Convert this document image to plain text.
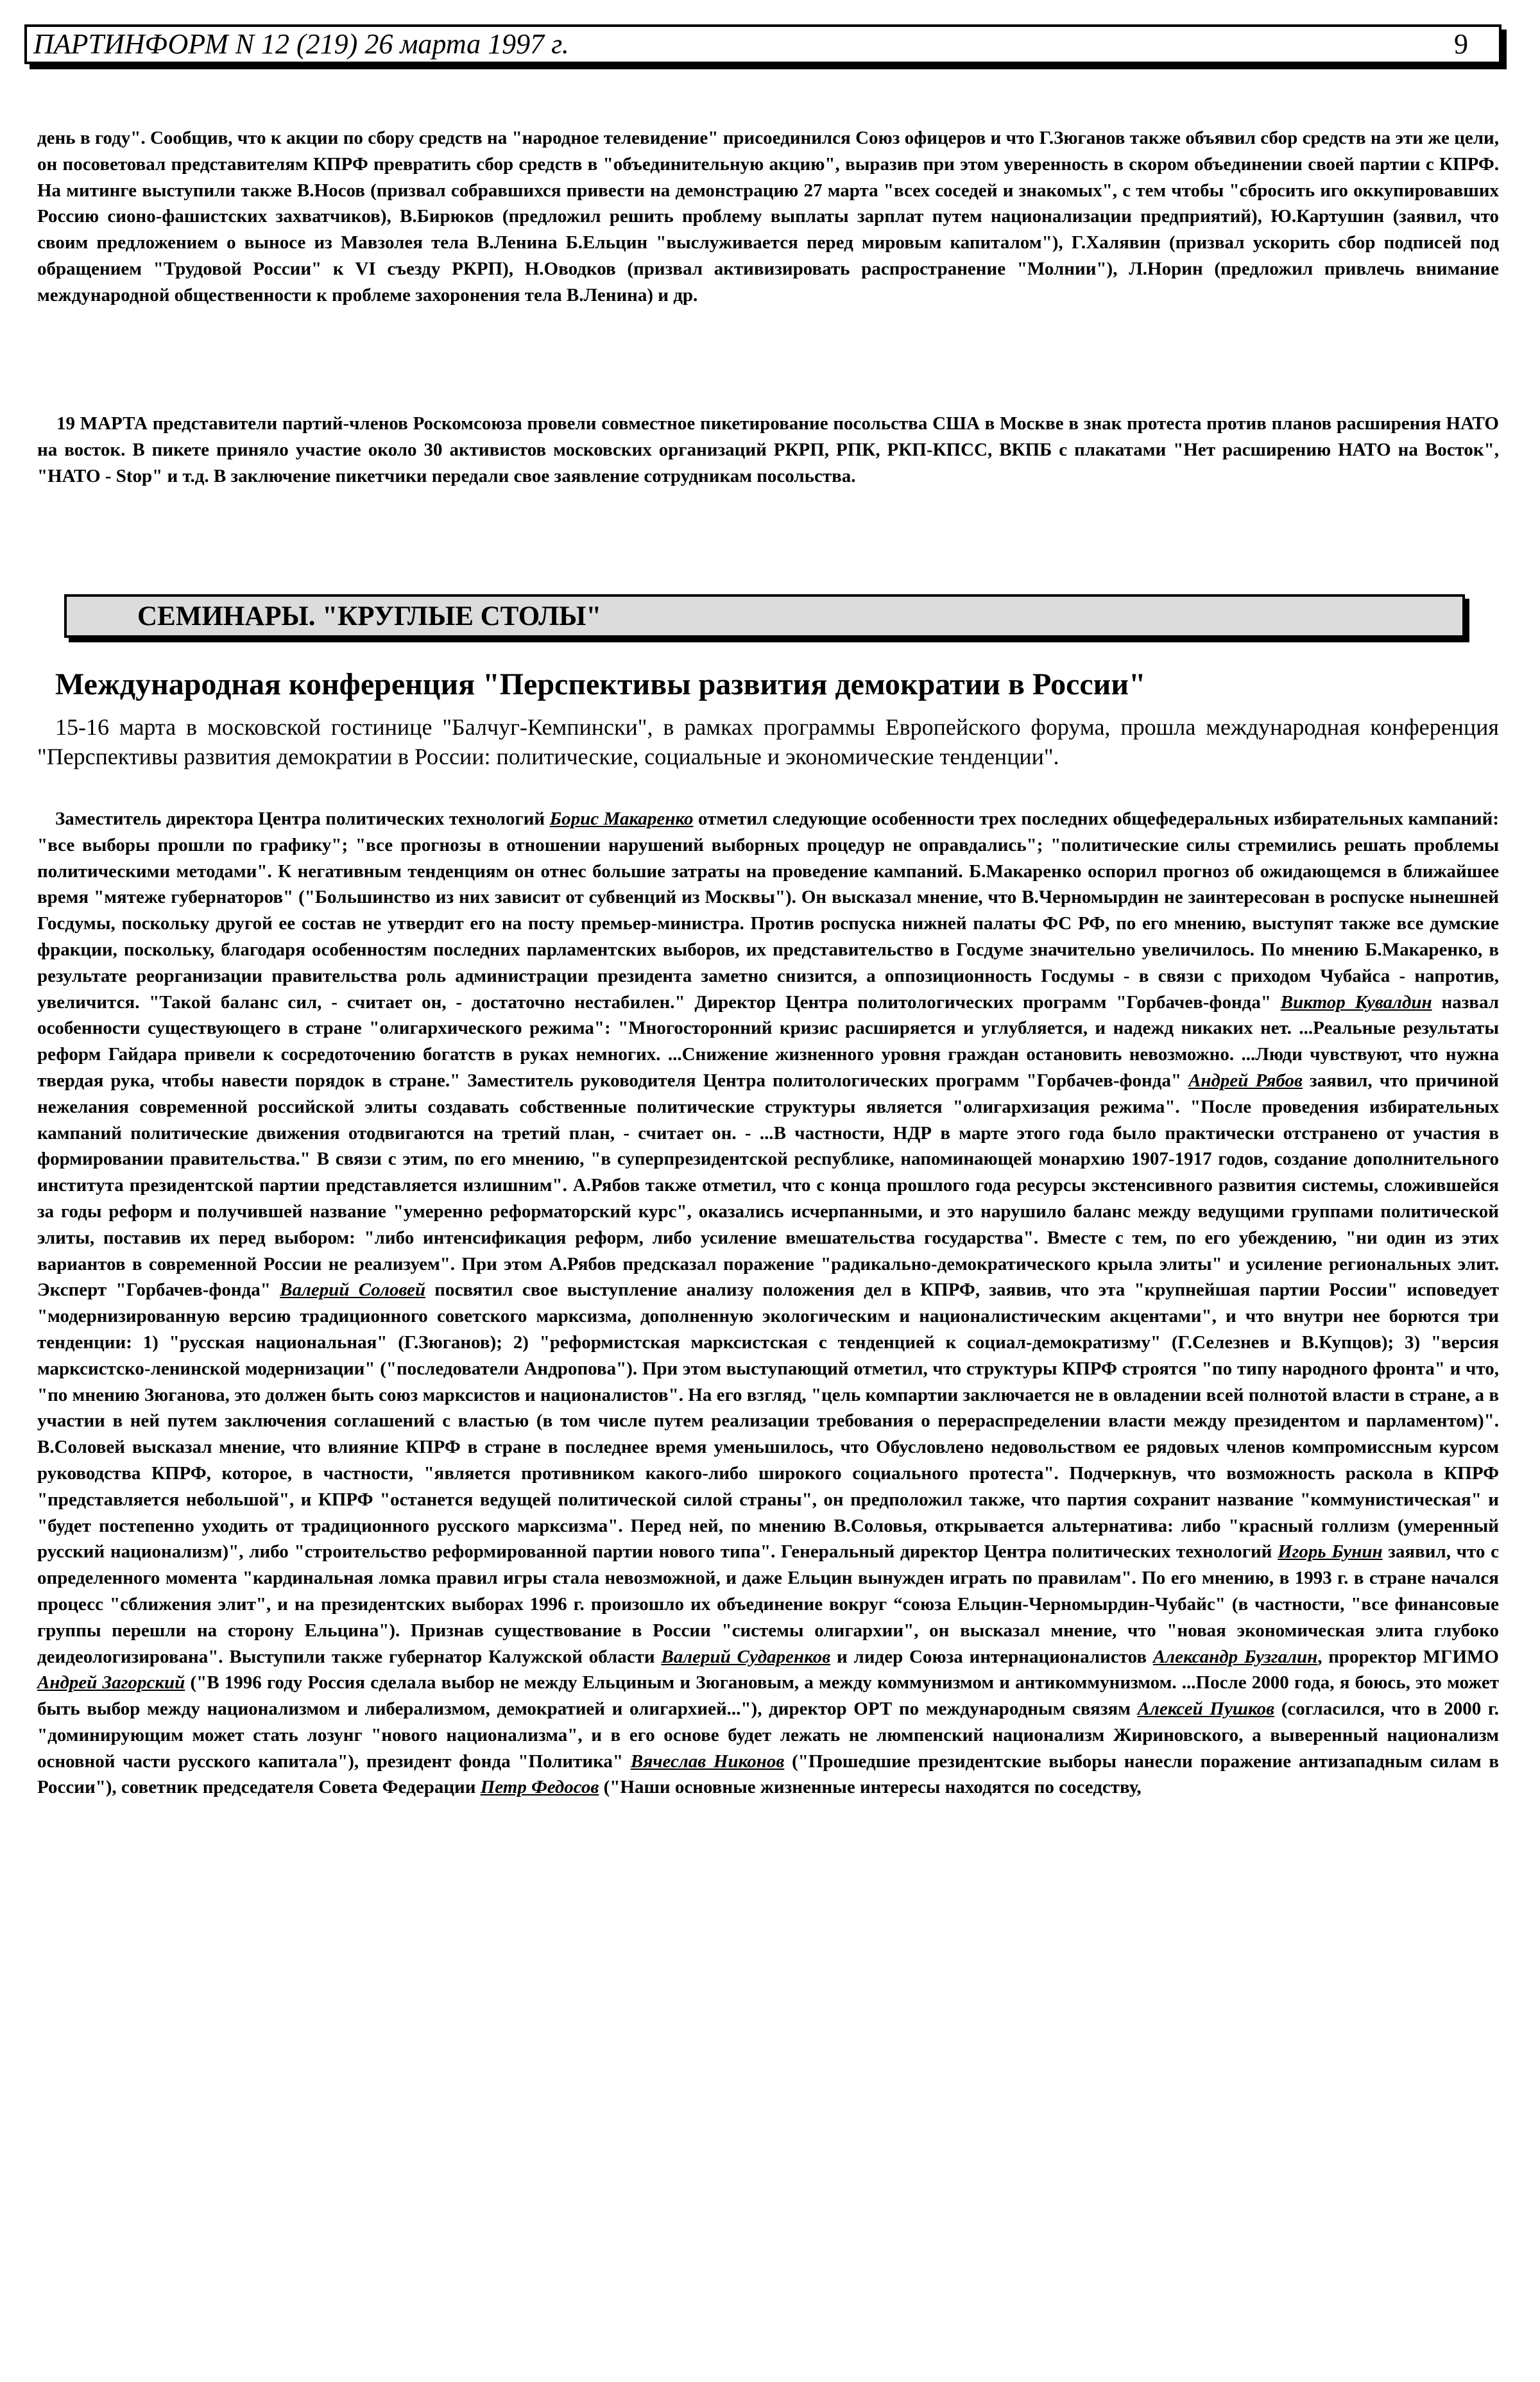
ПАРТИНФОРМ N 12 (219) 26 марта 1997 г.	9

день в году". Сообщив, что к акции по сбору средств на "народное телевидение" присоединился Союз офицеров и что Г.Зюганов также объявил сбор средств на эти же цели, он посоветовал представителям КПРФ превратить сбор средств в "объединительную акцию", выразив при этом уверенность в скором объединении своей партии с КПРФ. На митинге выступили также В.Носов (призвал собравшихся привести на демонстрацию 27 марта "всех соседей и знакомых", с тем чтобы "сбросить иго оккупировавших Россию сионо-фашистских захватчиков), В.Бирюков (предложил решить проблему выплаты зарплат путем национализации предприятий), Ю.Картушин (заявил, что своим предложением о выносе из Мавзолея тела В.Ленина Б.Ельцин "выслуживается перед мировым капиталом"), Г.Халявин (призвал ускорить сбор подписей под обращением "Трудовой России" к VI съезду РКРП), Н.Оводков (призвал активизировать распространение "Молнии"), Л.Норин (предложил привлечь внимание международной общественности к проблеме захоронения тела В.Ленина) и др.

19 МАРТА представители партий-членов Роскомсоюза провели совместное пикетирование посольства США в Москве в знак протеста против планов расширения НАТО на восток. В пикете приняло участие около 30 активистов московских организаций РКРП, РПК, РКП-КПСС, ВКПБ с плакатами "Нет расширению НАТО на Восток", "НАТО - Stop" и т.д. В заключение пикетчики передали свое заявление сотрудникам посольства.

СЕМИНАРЫ. "КРУГЛЫЕ СТОЛЫ"
Международная конференция "Перспективы развития демократии в России"

15-16 марта в московской гостинице "Балчуг-Кемпински", в рамках программы Европейского форума, прошла международная конференция "Перспективы развития демократии в России: политические, социальные и экономические тенденции".

Заместитель директора Центра политических технологий Борис Макаренко отметил следующие особенности трех последних общефедеральных избирательных кампаний: "все выборы прошли по графику"; "все прогнозы в отношении нарушений выборных процедур не оправдались"; "политические силы стремились решать проблемы политическими методами". К негативным тенденциям он отнес большие затраты на проведение кампаний. Б.Макаренко оспорил прогноз об ожидающемся в ближайшее время "мятеже губернаторов" ("Большинство из них зависит от субвенций из Москвы"). Он высказал мнение, что В.Черномырдин не заинтересован в роспуске нынешней Госдумы, поскольку другой ее состав не утвердит его на посту премьер-министра. Против роспуска нижней палаты ФС РФ, по его мнению, выступят также все думские фракции, поскольку, благодаря особенностям последних парламентских выборов, их представительство в Госдуме значительно увеличилось. По мнению Б.Макаренко, в результате реорганизации правительства роль администрации президента заметно снизится, а оппозиционность Госдумы - в связи с приходом Чубайса - напротив, увеличится. "Такой баланс сил, - считает он, - достаточно нестабилен." Директор Центра политологических программ "Горбачев-фонда" Виктор Кувалдин назвал особенности существующего в стране "олигархического режима": "Многосторонний кризис расширяется и углубляется, и надежд никаких нет. ...Реальные результаты реформ Гайдара привели к сосредоточению богатств в руках немногих. ...Снижение жизненного уровня граждан остановить невозможно. ...Люди чувствуют, что нужна твердая рука, чтобы навести порядок в стране." Заместитель руководителя Центра политологических программ "Горбачев-фонда" Андрей Рябов заявил, что причиной нежелания современной российской элиты создавать собственные политические структуры является "олигархизация режима". "После проведения избирательных кампаний политические движения отодвигаются на третий план, - считает он. - ...В частности, НДР в марте этого года было практически отстранено от участия в формировании правительства." В связи с этим, по его мнению, "в суперпрезидентской республике, напоминающей монархию 1907-1917 годов, создание дополнительного института президентской партии представляется излишним". А.Рябов также отметил, что с конца прошлого года ресурсы экстенсивного развития системы, сложившейся за годы реформ и получившей название "умеренно реформаторский курс", оказались исчерпанными, и это нарушило баланс между ведущими группами политической элиты, поставив их перед выбором: "либо интенсификация реформ, либо усиление вмешательства государства". Вместе с тем, по его убеждению, "ни один из этих вариантов в современной России не реализуем". При этом А.Рябов предсказал поражение "радикально-демократического крыла элиты" и усиление региональных элит. Эксперт "Горбачев-фонда" Валерий Соловей посвятил свое выступление анализу положения дел в КПРФ, заявив, что эта "крупнейшая партии России" исповедует "модернизированную версию традиционного советского марксизма, дополненную экологическим и националистическим акцентами", и что внутри нее борются три тенденции: 1) "русская национальная" (Г.Зюганов); 2) "реформистская марксистская с тенденцией к социал-демократизму" (Г.Селезнев и В.Купцов); 3) "версия марксистско-ленинской модернизации" ("последователи Андропова"). При этом выступающий отметил, что структуры КПРФ строятся "по типу народного фронта" и что, "по мнению Зюганова, это должен быть союз марксистов и националистов". На его взгляд, "цель компартии заключается не в овладении всей полнотой власти в стране, а в участии в ней путем заключения соглашений с властью (в том числе путем реализации требования о перераспределении власти между президентом и парламентом)". В.Соловей высказал мнение, что влияние КПРФ в стране в последнее время уменьшилось, что Обусловлено недовольством ее рядовых членов компромиссным курсом руководства КПРФ, которое, в частности, "является противником какого-либо широкого социального протеста". Подчеркнув, что возможность раскола в КПРФ "представляется небольшой", и КПРФ "останется ведущей политической силой страны", он предположил также, что партия сохранит название "коммунистическая" и "будет постепенно уходить от традиционного русского марксизма". Перед ней, по мнению В.Соловья, открывается альтернатива: либо "красный голлизм (умеренный русский национализм)", либо "строительство реформированной партии нового типа". Генеральный директор Центра политических технологий Игорь Бунин заявил, что с определенного момента "кардинальная ломка правил игры стала невозможной, и даже Ельцин вынужден играть по правилам". По его мнению, в 1993 г. в стране начался процесс "сближения элит", и на президентских выборах 1996 г. произошло их объединение вокруг “союза Ельцин-Черномырдин-Чубайс" (в частности, "все финансовые группы перешли на сторону Ельцина"). Признав существование в России "системы олигархии", он высказал мнение, что "новая экономическая элита глубоко деидеологизирована". Выступили также губернатор Калужской области Валерий Сударенков и лидер Союза интернационалистов Александр Бузгалин, проректор МГИМО Андрей Загорский ("В 1996 году Россия сделала выбор не между Ельциным и Зюгановым, а между коммунизмом и антикоммунизмом. ...После 2000 года, я боюсь, это может быть выбор между национализмом и либерализмом, демократией и олигархией..."), директор ОРТ по международным связям Алексей Пушков (согласился, что в 2000 г. "доминирующим может стать лозунг "нового национализма", и в его основе будет лежать не люмпенский национализм Жириновского, а вывеpенный национализм основной части русского капитала"), президент фонда "Политика" Вячеслав Никонов ("Прошедшие президентские выборы нанесли поражение антизападным силам в России"), советник председателя Совета Федерации Петр Федосов ("Наши основные жизненные интересы находятся по соседству,
